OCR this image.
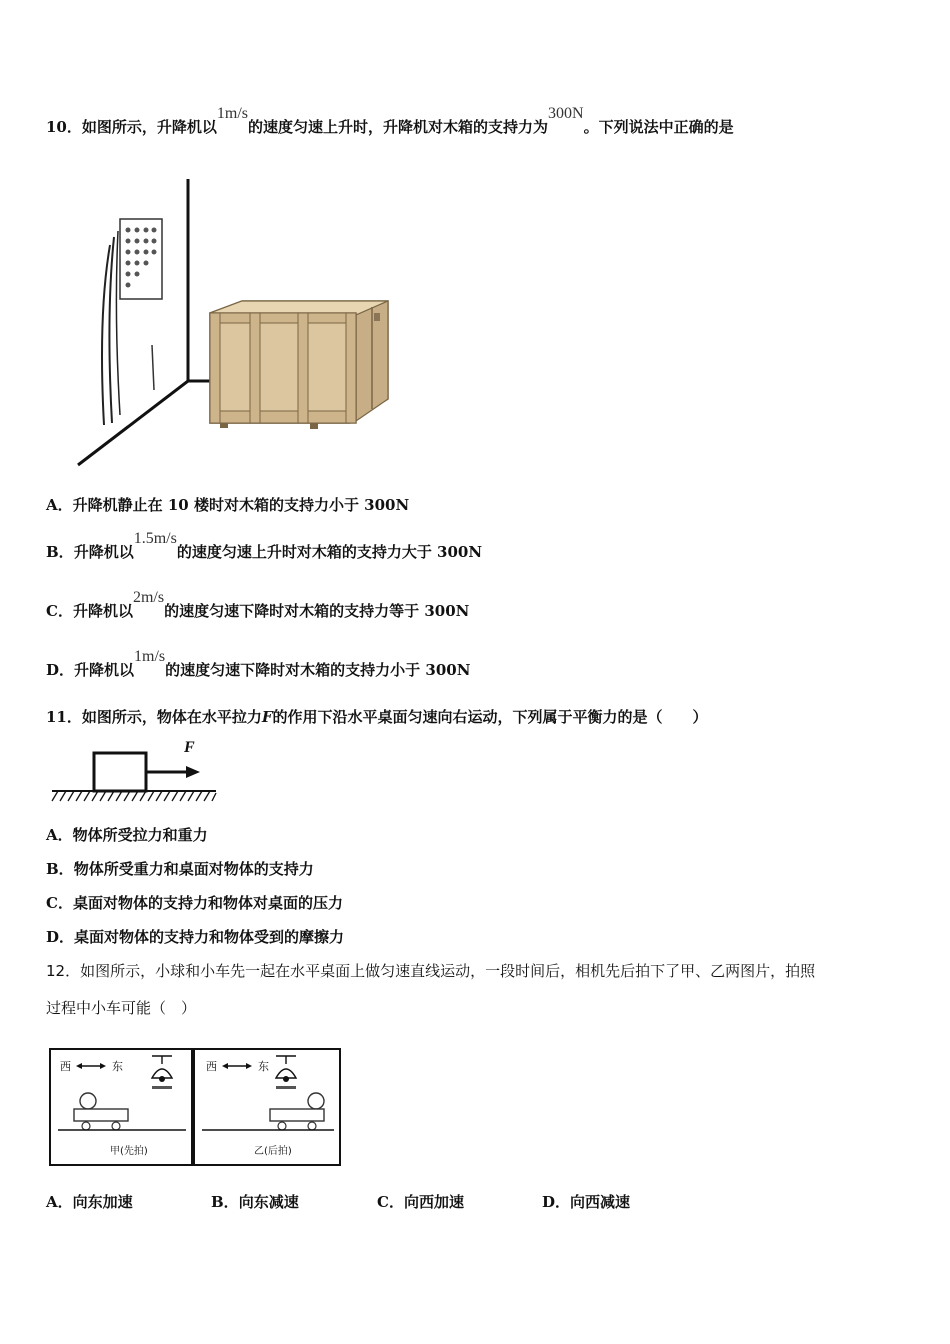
10．如图所示，升降机以1m/s的速度匀速上升时，升降机对木箱的支持力为300N。下列说法中正确的是
A．升降机静止在 10 楼时对木箱的支持力小于 300N
B．升降机以1.5m/s的速度匀速上升时对木箱的支持力大于 300N
C．升降机以2m/s的速度匀速下降时对木箱的支持力等于 300N
D．升降机以1m/s的速度匀速下降时对木箱的支持力小于 300N
11．如图所示，物体在水平拉力F的作用下沿水平桌面匀速向右运动，下列属于平衡力的是（　　）
F
A．物体所受拉力和重力
B．物体所受重力和桌面对物体的支持力
C．桌面对物体的支持力和物体对桌面的压力
D．桌面对物体的支持力和物体受到的摩擦力
12．如图所示，小球和小车先一起在水平桌面上做匀速直线运动，一段时间后，相机先后拍下了甲、乙两图片，拍照
过程中小车可能（　）
西	东
甲(先拍)
西	东
乙(后拍)
A．向东加速	B．向东减速	C．向西加速	D．向西减速
